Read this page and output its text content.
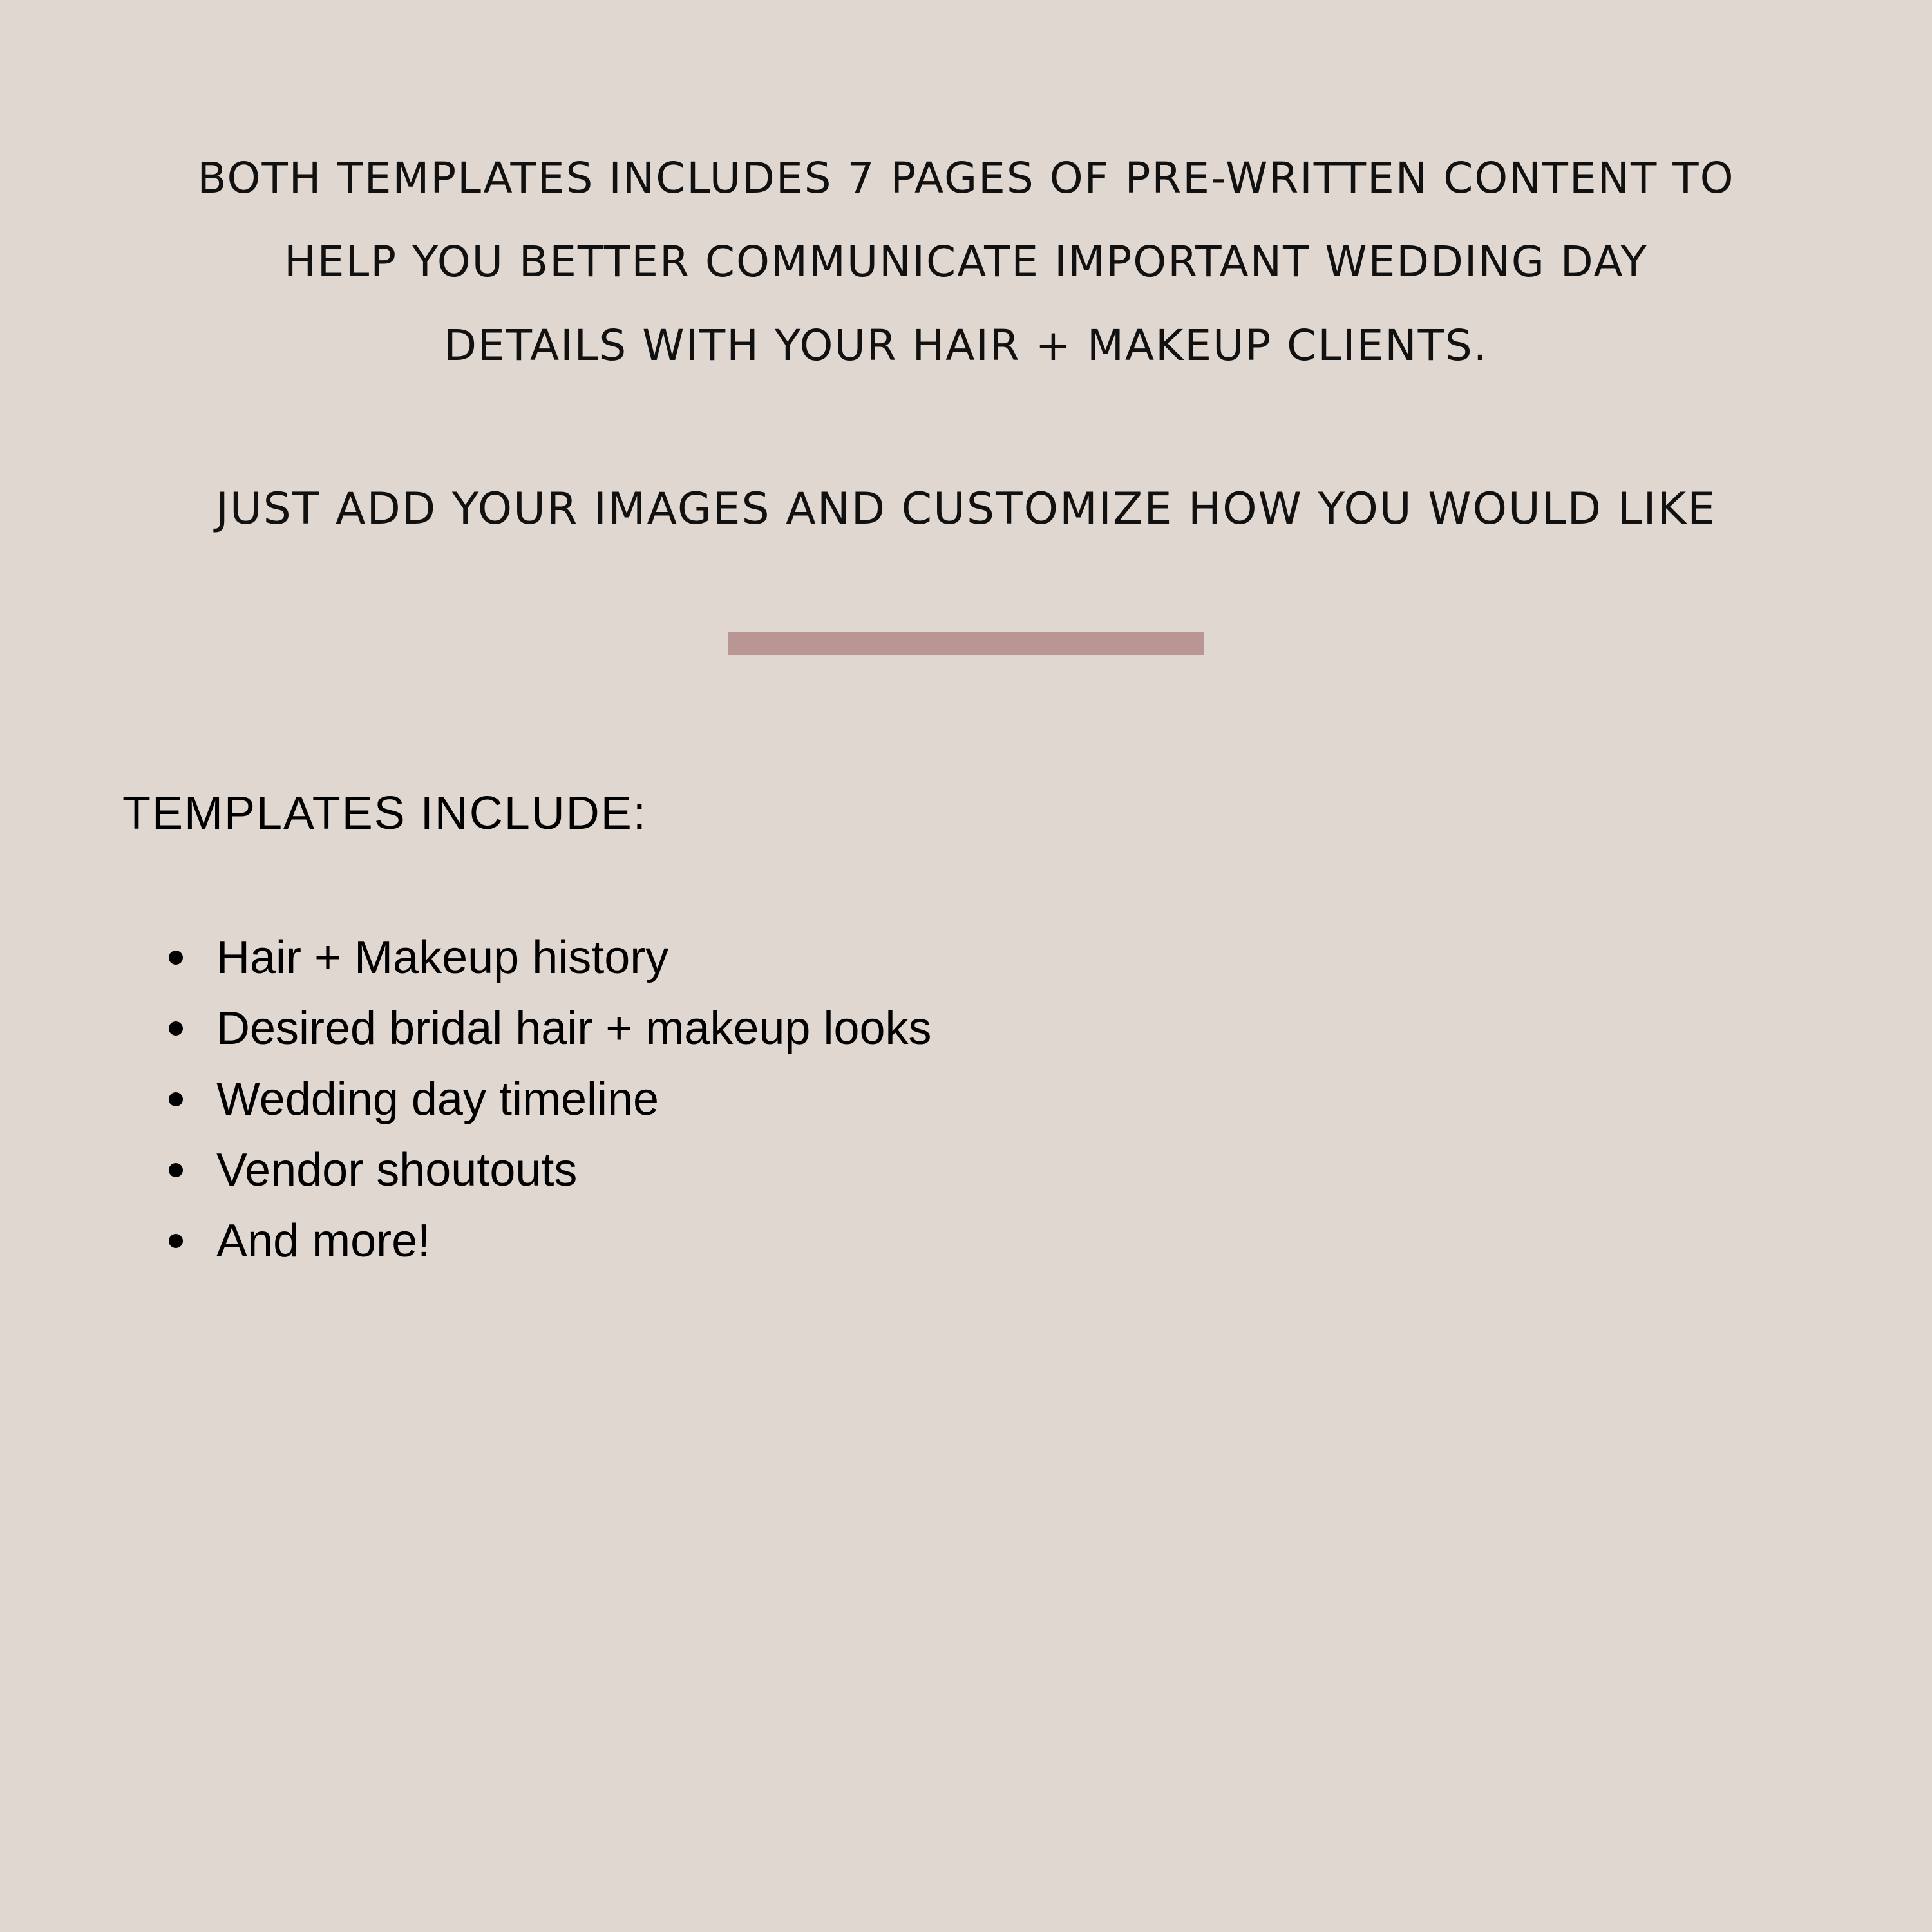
BOTH TEMPLATES INCLUDES 7 PAGES OF PRE-WRITTEN CONTENT TO
HELP YOU BETTER COMMUNICATE IMPORTANT WEDDING DAY
DETAILS WITH YOUR HAIR + MAKEUP CLIENTS.

JUST ADD YOUR IMAGES AND CUSTOMIZE HOW YOU WOULD LIKE

TEMPLATES INCLUDE:
Hair + Makeup history
Desired bridal hair + makeup looks
Wedding day timeline
Vendor shoutouts
And more!
